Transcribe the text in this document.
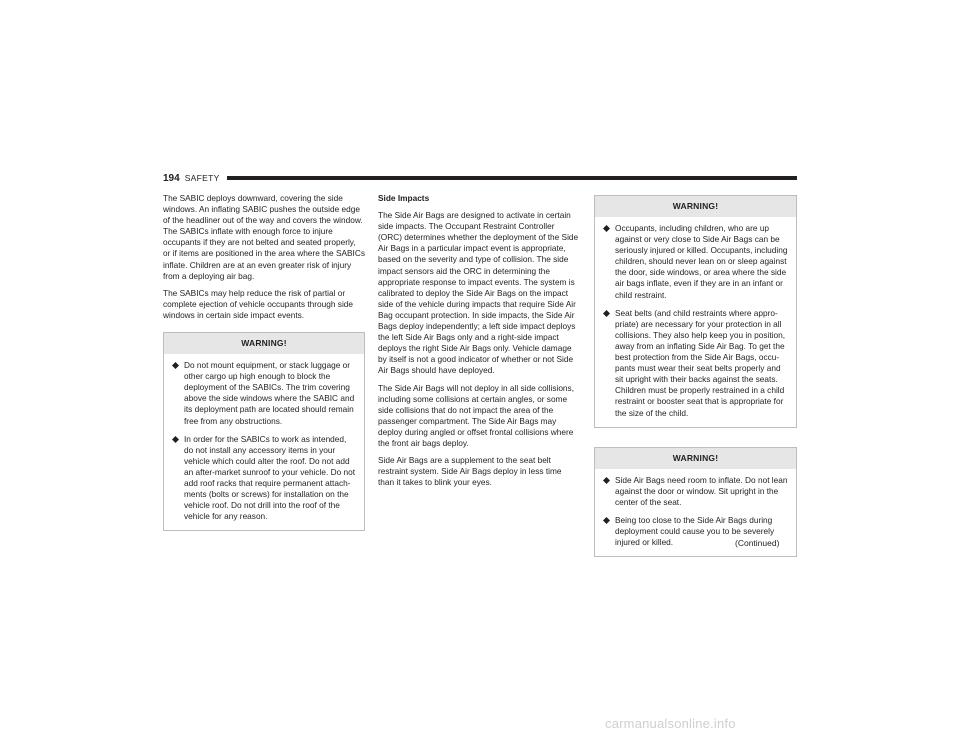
194 SAFETY

The SABIC deploys downward, covering the side windows. An inflating SABIC pushes the outside edge of the headliner out of the way and covers the window. The SABICs inflate with enough force to injure occupants if they are not belted and seated properly, or if items are positioned in the area where the SABICs inflate. Children are at an even greater risk of injury from a deploying air bag.

The SABICs may help reduce the risk of partial or complete ejection of vehicle occupants through side windows in certain side impact events.

WARNING!
Do not mount equipment, or stack luggage or other cargo up high enough to block the deployment of the SABICs. The trim covering above the side windows where the SABIC and its deployment path are located should remain free from any obstructions.
In order for the SABICs to work as intended, do not install any accessory items in your vehicle which could alter the roof. Do not add an after-market sunroof to your vehicle. Do not add roof racks that require permanent attach-ments (bolts or screws) for installation on the vehicle roof. Do not drill into the roof of the vehicle for any reason.
Side Impacts

The Side Air Bags are designed to activate in certain side impacts. The Occupant Restraint Controller (ORC) determines whether the deployment of the Side Air Bags in a particular impact event is appropriate, based on the severity and type of collision. The side impact sensors aid the ORC in determining the appropriate response to impact events. The system is calibrated to deploy the Side Air Bags on the impact side of the vehicle during impacts that require Side Air Bag occupant protection. In side impacts, the Side Air Bags deploy independently; a left side impact deploys the left Side Air Bags only and a right-side impact deploys the right Side Air Bags only. Vehicle damage by itself is not a good indicator of whether or not Side Air Bags should have deployed.

The Side Air Bags will not deploy in all side collisions, including some collisions at certain angles, or some side collisions that do not impact the area of the passenger compartment. The Side Air Bags may deploy during angled or offset frontal collisions where the front air bags deploy.

Side Air Bags are a supplement to the seat belt restraint system. Side Air Bags deploy in less time than it takes to blink your eyes.

WARNING!
Occupants, including children, who are up against or very close to Side Air Bags can be seriously injured or killed. Occupants, including children, should never lean on or sleep against the door, side windows, or area where the side air bags inflate, even if they are in an infant or child restraint.
Seat belts (and child restraints where appro-priate) are necessary for your protection in all collisions. They also help keep you in position, away from an inflating Side Air Bag. To get the best protection from the Side Air Bags, occu-pants must wear their seat belts properly and sit upright with their backs against the seats. Children must be properly restrained in a child restraint or booster seat that is appropriate for the size of the child.
WARNING!
Side Air Bags need room to inflate. Do not lean against the door or window. Sit upright in the center of the seat.
Being too close to the Side Air Bags during deployment could cause you to be severely injured or killed.	(Continued)
carmanualsonline.info
